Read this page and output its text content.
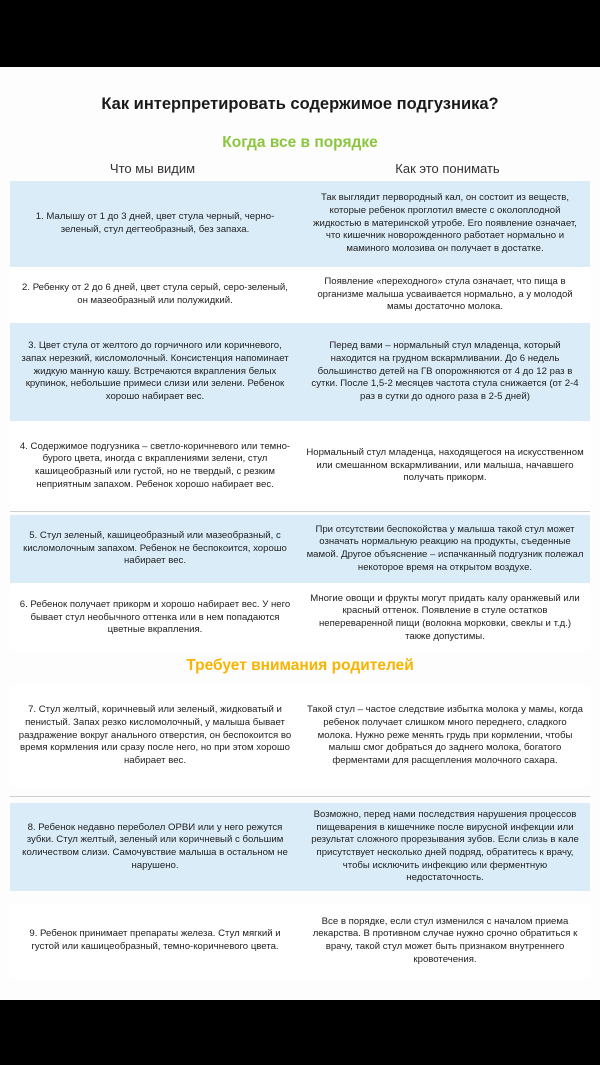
Как интерпретировать содержимое подгузника?
Когда все в порядке
Что мы видим	Как это понимать
1. Малышу от 1 до 3 дней, цвет стула черный, черно-зеленый, стул дегтеобразный, без запаха.
Так выглядит первородный кал, он состоит из веществ, которые ребенок проглотил вместе с околоплодной жидкостью в материнской утробе. Его появление означает, что кишечник новорожденного работает нормально и маминого молозива он получает в достатке.
2. Ребенку от 2 до 6 дней, цвет стула серый, серо-зеленый, он мазеобразный или полужидкий.
Появление «переходного» стула означает, что пища в организме малыша усваивается нормально, а у молодой мамы достаточно молока.
3. Цвет стула от желтого до горчичного или коричневого, запах нерезкий, кисломолочный. Консистенция напоминает жидкую манную кашу. Встречаются вкрапления белых крупинок, небольшие примеси слизи или зелени. Ребенок хорошо набирает вес.
Перед вами – нормальный стул младенца, который находится на грудном вскармливании. До 6 недель большинство детей на ГВ опорожняются от 4 до 12 раз в сутки. После 1,5-2 месяцев частота стула снижается (от 2-4 раз в сутки до одного раза в 2-5 дней)
4. Содержимое подгузника – светло-коричневого или темно-бурого цвета, иногда с вкраплениями зелени, стул кашицеобразный или густой, но не твердый, с резким неприятным запахом. Ребенок хорошо набирает вес.
Нормальный стул младенца, находящегося на искусственном или смешанном вскармливании, или малыша, начавшего получать прикорм.
5. Стул зеленый, кашицеобразный или мазеобразный, с кисломолочным запахом. Ребенок не беспокоится, хорошо набирает вес.
При отсутствии беспокойства у малыша такой стул может означать нормальную реакцию на продукты, съеденные мамой. Другое объяснение – испачканный подгузник полежал некоторое время на открытом воздухе.
6. Ребенок получает прикорм и хорошо набирает вес. У него бывает стул необычного оттенка или в нем попадаются цветные вкрапления.
Многие овощи и фрукты могут придать калу оранжевый или красный оттенок. Появление в стуле остатков непереваренной пищи (волокна морковки, свеклы и т.д.) также допустимы.
Требует внимания родителей
7. Стул желтый, коричневый или зеленый, жидковатый и пенистый. Запах резко кисломолочный, у малыша бывает раздражение вокруг анального отверстия, он беспокоится во время кормления или сразу после него, но при этом хорошо набирает вес.
Такой стул – частое следствие избытка молока у мамы, когда ребенок получает слишком много переднего, сладкого молока. Нужно реже менять грудь при кормлении, чтобы малыш смог добраться до заднего молока, богатого ферментами для расщепления молочного сахара.
8. Ребенок недавно переболел ОРВИ или у него режутся зубки. Стул желтый, зеленый или коричневый с большим количеством слизи. Самочувствие малыша в остальном не нарушено.
Возможно, перед нами последствия нарушения процессов пищеварения в кишечнике после вирусной инфекции или результат сложного прорезывания зубов. Если слизь в кале присутствует несколько дней подряд, обратитесь к врачу, чтобы исключить инфекцию или ферментную недостаточность.
9. Ребенок принимает препараты железа. Стул мягкий и густой или кашицеобразный, темно-коричневого цвета.
Все в порядке, если стул изменился с началом приема лекарства. В противном случае нужно срочно обратиться к врачу, такой стул может быть признаком внутреннего кровотечения.
